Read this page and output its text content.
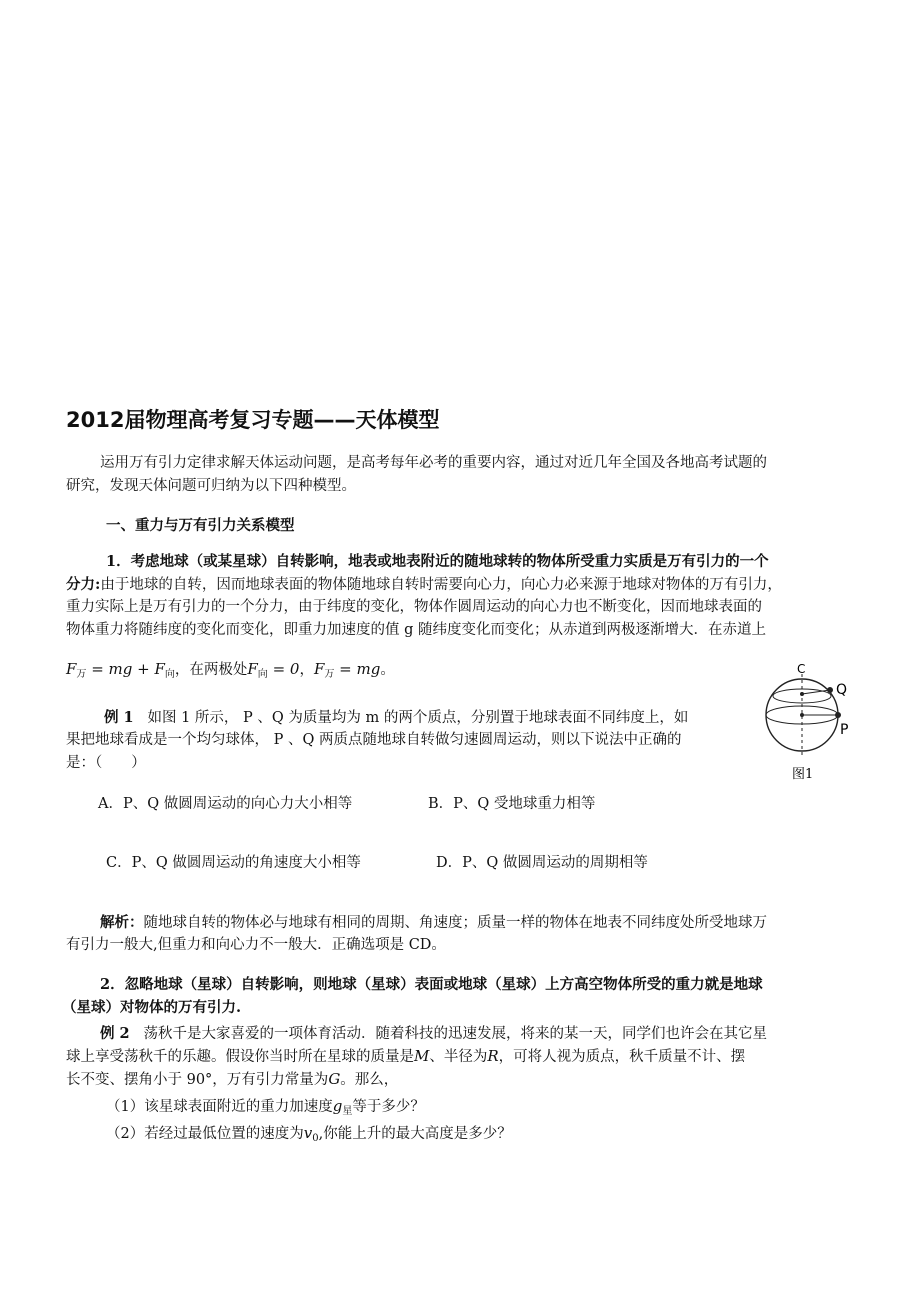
2012届物理高考复习专题——天体模型
运用万有引力定律求解天体运动问题，是高考每年必考的重要内容，通过对近几年全国及各地高考试题的
研究，发现天体问题可归纳为以下四种模型。
一、重力与万有引力关系模型
1．考虑地球（或某星球）自转影响，地表或地表附近的随地球转的物体所受重力实质是万有引力的一个
分力:由于地球的自转，因而地球表面的物体随地球自转时需要向心力，向心力必来源于地球对物体的万有引力，
重力实际上是万有引力的一个分力，由于纬度的变化，物体作圆周运动的向心力也不断变化，因而地球表面的
物体重力将随纬度的变化而变化，即重力加速度的值 g 随纬度变化而变化；从赤道到两极逐渐增大．在赤道上
$F_万$ = mg + $F_向$，在两极处$F_向 = 0$，$F_万$ = mg。
例 1 如图 1 所示， P 、Q 为质量均为 m 的两个质点，分别置于地球表面不同纬度上，如
果把地球看成是一个均匀球体， P 、Q 两质点随地球自转做匀速圆周运动，则以下说法中正确的
是：（　　）
C
Q
P
图1
A．P、Q 做圆周运动的向心力大小相等	B．P、Q 受地球重力相等
C．P、Q 做圆周运动的角速度大小相等	D．P、Q 做圆周运动的周期相等
解析：随地球自转的物体必与地球有相同的周期、角速度；质量一样的物体在地表不同纬度处所受地球万
有引力一般大,但重力和向心力不一般大．正确选项是 CD。
2．忽略地球（星球）自转影响，则地球（星球）表面或地球（星球）上方高空物体所受的重力就是地球
（星球）对物体的万有引力.
例 2 荡秋千是大家喜爱的一项体育活动．随着科技的迅速发展，将来的某一天，同学们也许会在其它星
球上享受荡秋千的乐趣。假设你当时所在星球的质量是M、半径为R，可将人视为质点，秋千质量不计、摆
长不变、摆角小于 90°，万有引力常量为G。那么，
（1）该星球表面附近的重力加速度$g_星$等于多少？
（2）若经过最低位置的速度为$v_0$,你能上升的最大高度是多少？
